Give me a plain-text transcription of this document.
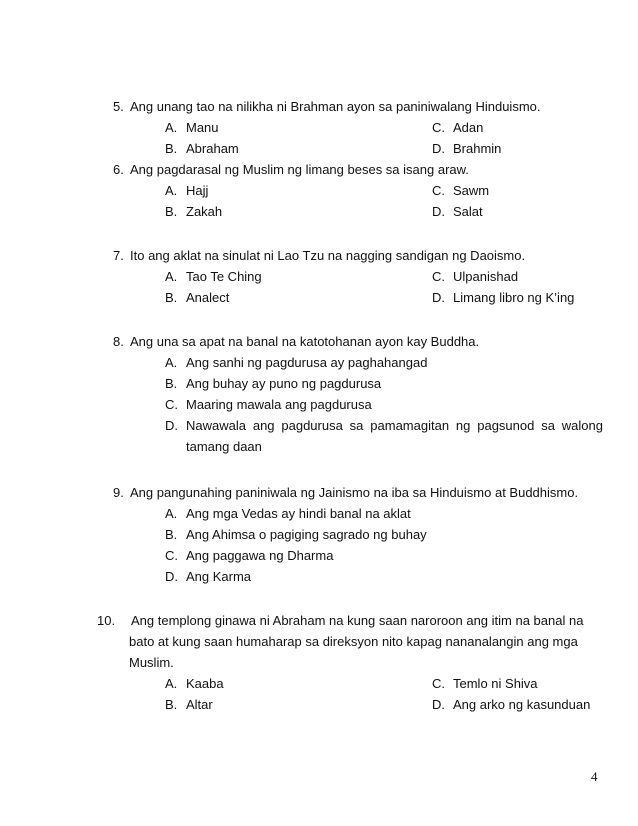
5. Ang unang tao na nilikha ni Brahman ayon sa paniniwalang Hinduismo.
A. Manu	C. Adan
B. Abraham	D. Brahmin
6. Ang pagdarasal ng Muslim ng limang beses sa isang araw.
A. Hajj	C. Sawm
B. Zakah	D. Salat
7. Ito ang aklat na sinulat ni Lao Tzu na nagging sandigan ng Daoismo.
A. Tao Te Ching	C. Ulpanishad
B. Analect	D. Limang libro ng K’ing
8. Ang una sa apat na banal na katotohanan ayon kay Buddha.
A. Ang sanhi ng pagdurusa ay paghahangad
B. Ang buhay ay puno ng pagdurusa
C. Maaring mawala ang pagdurusa
D. Nawawala ang pagdurusa sa pamamagitan ng pagsunod sa walong tamang daan
9. Ang pangunahing paniniwala ng Jainismo na iba sa Hinduismo at Buddhismo.
A. Ang mga Vedas ay hindi banal na aklat
B. Ang Ahimsa o pagiging sagrado ng buhay
C. Ang paggawa ng Dharma
D. Ang Karma
10. Ang templong ginawa ni Abraham na kung saan naroroon ang itim na banal na bato at kung saan humaharap sa direksyon nito kapag nananalangin ang mga Muslim.
A. Kaaba	C. Temlo ni Shiva
B. Altar	D. Ang arko ng kasunduan
4
